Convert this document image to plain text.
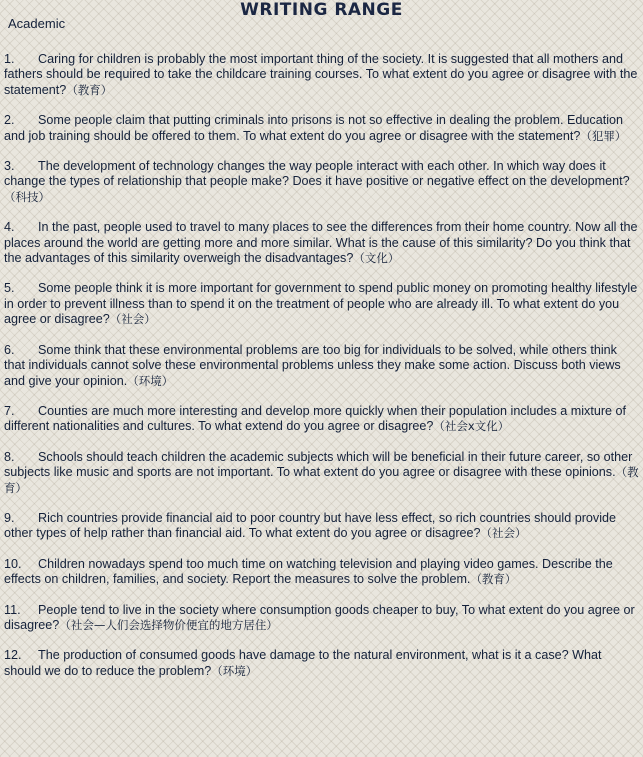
WRITING RANGE
Academic
1. Caring for children is probably the most important thing of the society. It is suggested that all mothers and fathers should be required to take the childcare training courses. To what extent do you agree or disagree with the statement?（教育）
2. Some people claim that putting criminals into prisons is not so effective in dealing the problem. Education and job training should be offered to them. To what extent do you agree or disagree with the statement?（犯罪）
3. The development of technology changes the way people interact with each other. In which way does it change the types of relationship that people make? Does it have positive or negative effect on the development?（科技）
4. In the past, people used to travel to many places to see the differences from their home country. Now all the places around the world are getting more and more similar. What is the cause of this similarity? Do you think that the advantages of this similarity overweigh the disadvantages?（文化）
5. Some people think it is more important for government to spend public money on promoting healthy lifestyle in order to prevent illness than to spend it on the treatment of people who are already ill. To what extent do you agree or disagree?（社会）
6. Some think that these environmental problems are too big for individuals to be solved, while others think that individuals cannot solve these environmental problems unless they make some action. Discuss both views and give your opinion.（环境）
7. Counties are much more interesting and develop more quickly when their population includes a mixture of different nationalities and cultures. To what extend do you agree or disagree?（社会x文化）
8. Schools should teach children the academic subjects which will be beneficial in their future career, so other subjects like music and sports are not important. To what extent do you agree or disagree with these opinions.（教育）
9. Rich countries provide financial aid to poor country but have less effect, so rich countries should provide other types of help rather than financial aid. To what extent do you agree or disagree?（社会）
10. Children nowadays spend too much time on watching television and playing video games. Describe the effects on children, families, and society. Report the measures to solve the problem.（教育）
11. People tend to live in the society where consumption goods cheaper to buy, To what extent do you agree or disagree?（社会—人们会选择物价便宜的地方居住）
12. The production of consumed goods have damage to the natural environment, what is it a case? What should we do to reduce the problem?（环境）
